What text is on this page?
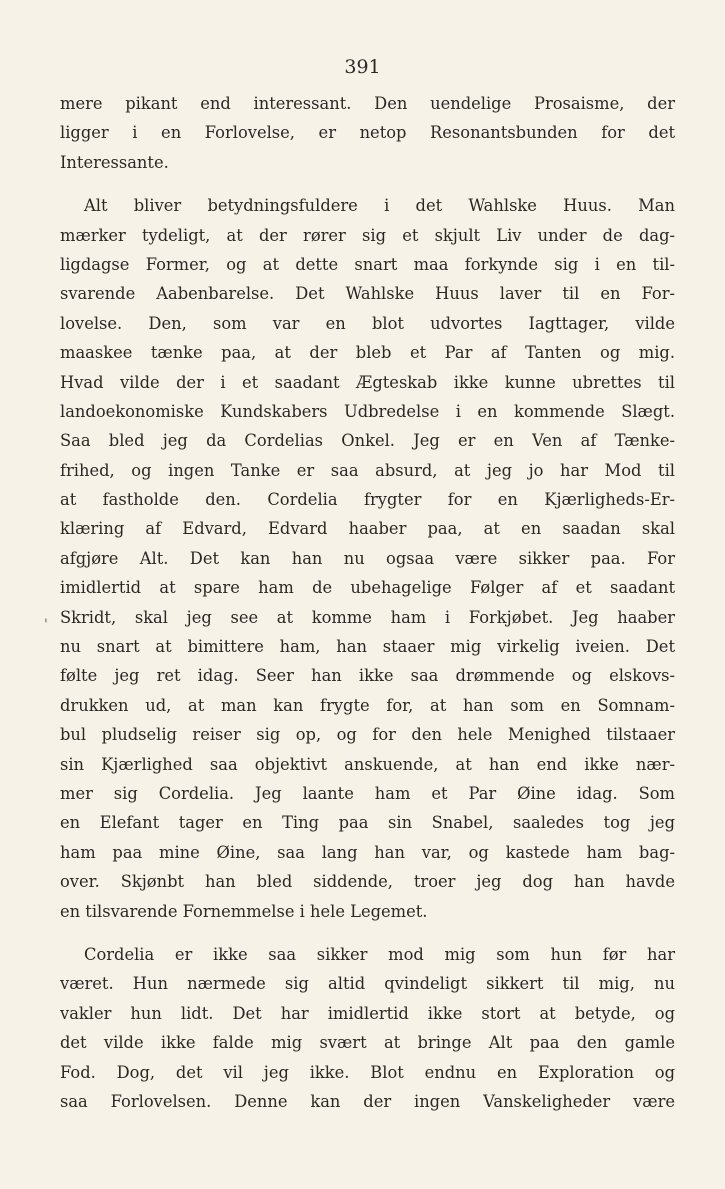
391
'
mere pikant end interessant. Den uendelige Prosaisme, der
ligger i en Forlovelse, er netop Resonantsbunden for det
Interessante.
Alt bliver betydningsfuldere i det Wahlske Huus. Man
mærker tydeligt, at der rører sig et skjult Liv under de dag-
ligdagse Former, og at dette snart maa forkynde sig i en til-
svarende Aabenbarelse. Det Wahlske Huus laver til en For-
lovelse. Den, som var en blot udvortes Iagttager, vilde
maaskee tænke paa, at der bleb et Par af Tanten og mig.
Hvad vilde der i et saadant Ægteskab ikke kunne ubrettes til
landoekonomiske Kundskabers Udbredelse i en kommende Slægt.
Saa bled jeg da Cordelias Onkel. Jeg er en Ven af Tænke-
frihed, og ingen Tanke er saa absurd, at jeg jo har Mod til
at fastholde den. Cordelia frygter for en Kjærligheds-Er-
klæring af Edvard, Edvard haaber paa, at en saadan skal
afgjøre Alt. Det kan han nu ogsaa være sikker paa. For
imidlertid at spare ham de ubehagelige Følger af et saadant
Skridt, skal jeg see at komme ham i Forkjøbet. Jeg haaber
nu snart at bimittere ham, han staaer mig virkelig iveien. Det
følte jeg ret idag. Seer han ikke saa drømmende og elskovs-
drukken ud, at man kan frygte for, at han som en Somnam-
bul pludselig reiser sig op, og for den hele Menighed tilstaaer
sin Kjærlighed saa objektivt anskuende, at han end ikke nær-
mer sig Cordelia. Jeg laante ham et Par Øine idag. Som
en Elefant tager en Ting paa sin Snabel, saaledes tog jeg
ham paa mine Øine, saa lang han var, og kastede ham bag-
over. Skjønbt han bled siddende, troer jeg dog han havde
en tilsvarende Fornemmelse i hele Legemet.
Cordelia er ikke saa sikker mod mig som hun før har
været. Hun nærmede sig altid qvindeligt sikkert til mig, nu
vakler hun lidt. Det har imidlertid ikke stort at betyde, og
det vilde ikke falde mig svært at bringe Alt paa den gamle
Fod. Dog, det vil jeg ikke. Blot endnu en Exploration og
saa Forlovelsen. Denne kan der ingen Vanskeligheder være
